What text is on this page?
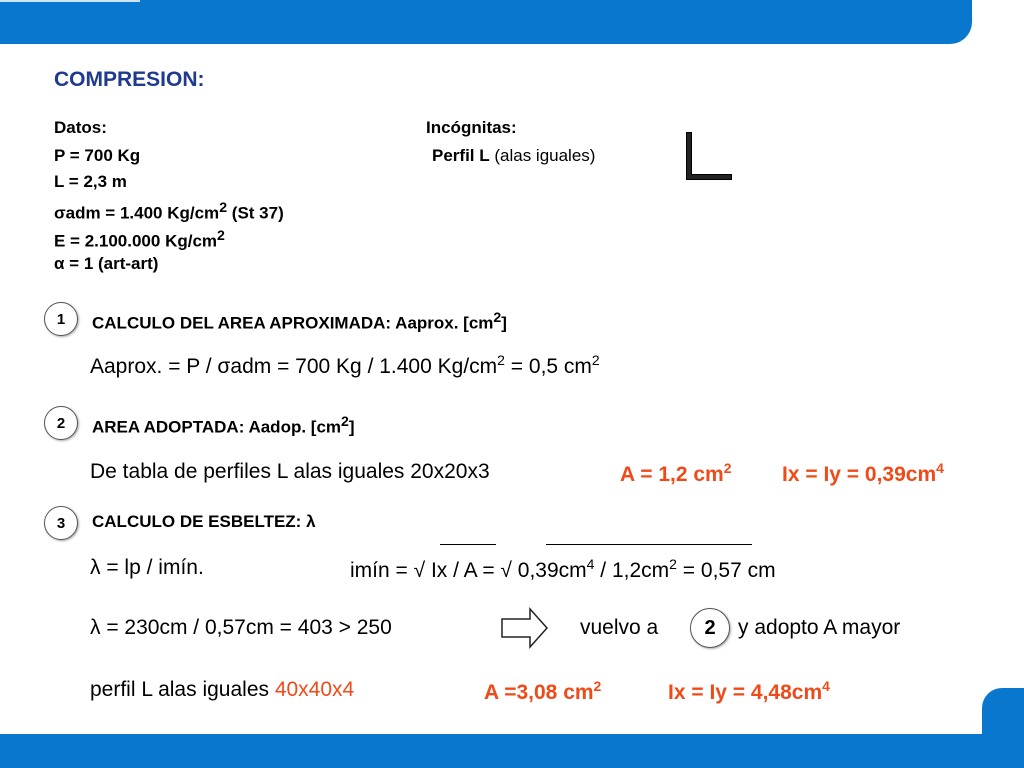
COMPRESION:
Datos:
P = 700 Kg
L = 2,3 m
σadm = 1.400 $Kg/cm^2$ (St 37)
E = 2.100.000 $Kg/cm^2$
α = 1 (art-art)
Incógnitas:
Perfil L (alas iguales)
1	CALCULO DEL AREA APROXIMADA: Aaprox. $[cm^2]$
Aaprox. = P / σadm = 700 Kg / 1.400 $Kg/cm^2 = 0,5$ $cm^2$
2	AREA ADOPTADA: Aadop. $[cm^2]$
De tabla de perfiles L alas iguales 20x20x3	A = 1,2 $cm^2$ $Ix = Iy = 0,39cm^4$
3	CALCULO DE ESBELTEZ: λ
λ = lp / imín.	imín = √ Ix / A = √ $0,39cm^4 / 1,2cm^2 = 0,57$ cm
λ = 230cm / 0,57cm = 403 > 250	vuelvo a	2	y adopto A mayor
perfil L alas iguales 40x40x4	A =3,08 $cm^2$	$Ix = Iy = 4,48cm^4$
